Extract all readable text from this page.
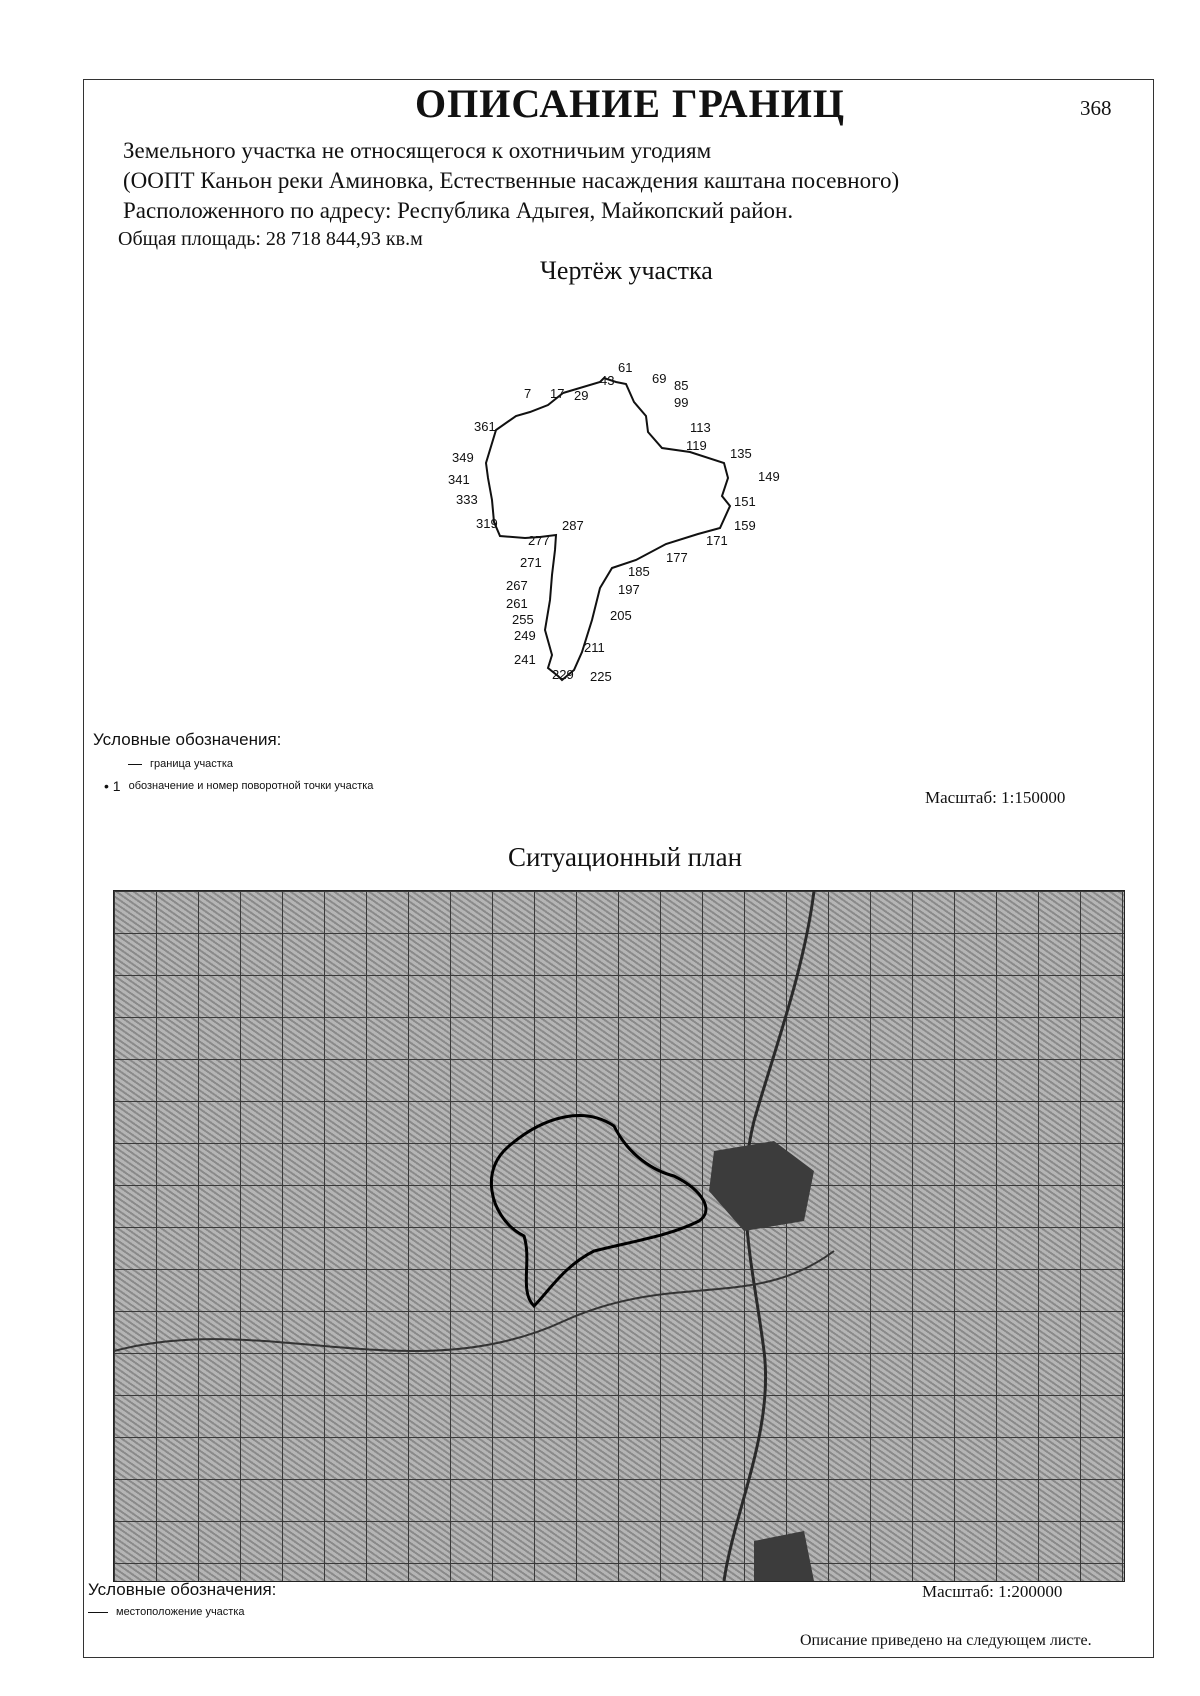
ОПИСАНИЕ ГРАНИЦ	368
Земельного участка не относящегося к охотничьим угодиям
(ООПТ Каньон реки Аминовка, Естественные насаждения каштана посевного)
Расположенного по адресу: Республика Адыгея, Майкопский район.
Общая площадь: 28 718 844,93 кв.м
Чертёж участка
61
69 85
99
113
119
135
149
151
159
171
177
185
197
205
211
225
229
241
249
255
261
267
271
277
287
319
333
341
349
361
7 17 29
43
Условные обозначения:
граница участка
• 1 обозначение и номер поворотной точки участка
Масштаб: 1:150000
Ситуационный план
Условные обозначения:
местоположение участка
Масштаб: 1:200000
Описание приведено на следующем листе.
